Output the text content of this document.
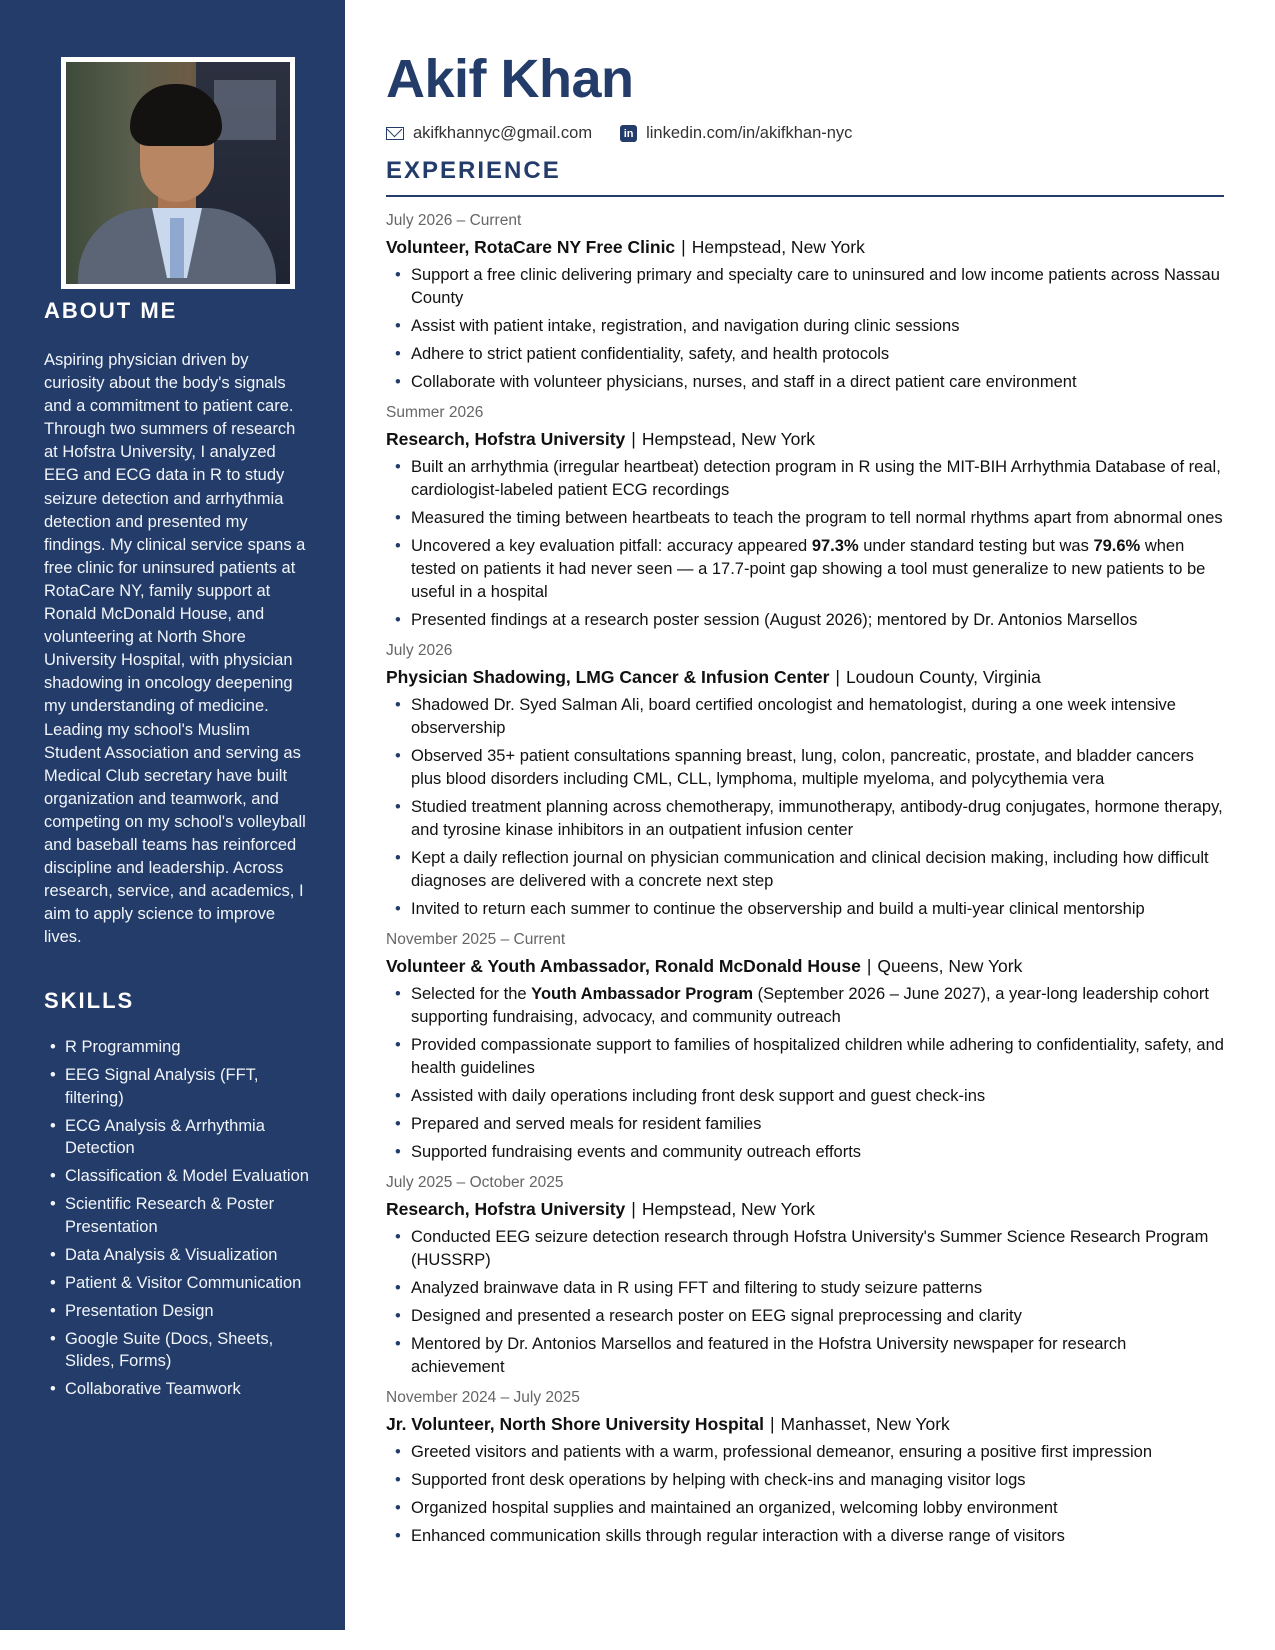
ABOUT ME

Aspiring physician driven by curiosity about the body's signals and a commitment to patient care. Through two summers of research at Hofstra University, I analyzed EEG and ECG data in R to study seizure detection and arrhythmia detection and presented my findings. My clinical service spans a free clinic for uninsured patients at RotaCare NY, family support at Ronald McDonald House, and volunteering at North Shore University Hospital, with physician shadowing in oncology deepening my understanding of medicine. Leading my school's Muslim Student Association and serving as Medical Club secretary have built organization and teamwork, and competing on my school's volleyball and baseball teams has reinforced discipline and leadership. Across research, service, and academics, I aim to apply science to improve lives.

SKILLS
• R Programming
• EEG Signal Analysis (FFT, filtering)
• ECG Analysis & Arrhythmia Detection
• Classification & Model Evaluation
• Scientific Research & Poster Presentation
• Data Analysis & Visualization
• Patient & Visitor Communication
• Presentation Design
• Google Suite (Docs, Sheets, Slides, Forms)
• Collaborative Teamwork
Akif Khan
akifkhannyc@gmail.com	in linkedin.com/in/akifkhan-nyc
EXPERIENCE
July 2026 – Current
Volunteer, RotaCare NY Free Clinic | Hempstead, New York
• Support a free clinic delivering primary and specialty care to uninsured and low income patients across Nassau County
• Assist with patient intake, registration, and navigation during clinic sessions
• Adhere to strict patient confidentiality, safety, and health protocols
• Collaborate with volunteer physicians, nurses, and staff in a direct patient care environment
Summer 2026
Research, Hofstra University | Hempstead, New York
• Built an arrhythmia (irregular heartbeat) detection program in R using the MIT-BIH Arrhythmia Database of real, cardiologist-labeled patient ECG recordings
• Measured the timing between heartbeats to teach the program to tell normal rhythms apart from abnormal ones
• Uncovered a key evaluation pitfall: accuracy appeared 97.3% under standard testing but was 79.6% when tested on patients it had never seen — a 17.7-point gap showing a tool must generalize to new patients to be useful in a hospital
• Presented findings at a research poster session (August 2026); mentored by Dr. Antonios Marsellos
July 2026
Physician Shadowing, LMG Cancer & Infusion Center | Loudoun County, Virginia
• Shadowed Dr. Syed Salman Ali, board certified oncologist and hematologist, during a one week intensive observership
• Observed 35+ patient consultations spanning breast, lung, colon, pancreatic, prostate, and bladder cancers plus blood disorders including CML, CLL, lymphoma, multiple myeloma, and polycythemia vera
• Studied treatment planning across chemotherapy, immunotherapy, antibody-drug conjugates, hormone therapy, and tyrosine kinase inhibitors in an outpatient infusion center
• Kept a daily reflection journal on physician communication and clinical decision making, including how difficult diagnoses are delivered with a concrete next step
• Invited to return each summer to continue the observership and build a multi-year clinical mentorship
November 2025 – Current
Volunteer & Youth Ambassador, Ronald McDonald House | Queens, New York
• Selected for the Youth Ambassador Program (September 2026 – June 2027), a year-long leadership cohort supporting fundraising, advocacy, and community outreach
• Provided compassionate support to families of hospitalized children while adhering to confidentiality, safety, and health guidelines
• Assisted with daily operations including front desk support and guest check-ins
• Prepared and served meals for resident families
• Supported fundraising events and community outreach efforts
July 2025 – October 2025
Research, Hofstra University | Hempstead, New York
• Conducted EEG seizure detection research through Hofstra University's Summer Science Research Program (HUSSRP)
• Analyzed brainwave data in R using FFT and filtering to study seizure patterns
• Designed and presented a research poster on EEG signal preprocessing and clarity
• Mentored by Dr. Antonios Marsellos and featured in the Hofstra University newspaper for research achievement
November 2024 – July 2025
Jr. Volunteer, North Shore University Hospital | Manhasset, New York
• Greeted visitors and patients with a warm, professional demeanor, ensuring a positive first impression
• Supported front desk operations by helping with check-ins and managing visitor logs
• Organized hospital supplies and maintained an organized, welcoming lobby environment
• Enhanced communication skills through regular interaction with a diverse range of visitors
